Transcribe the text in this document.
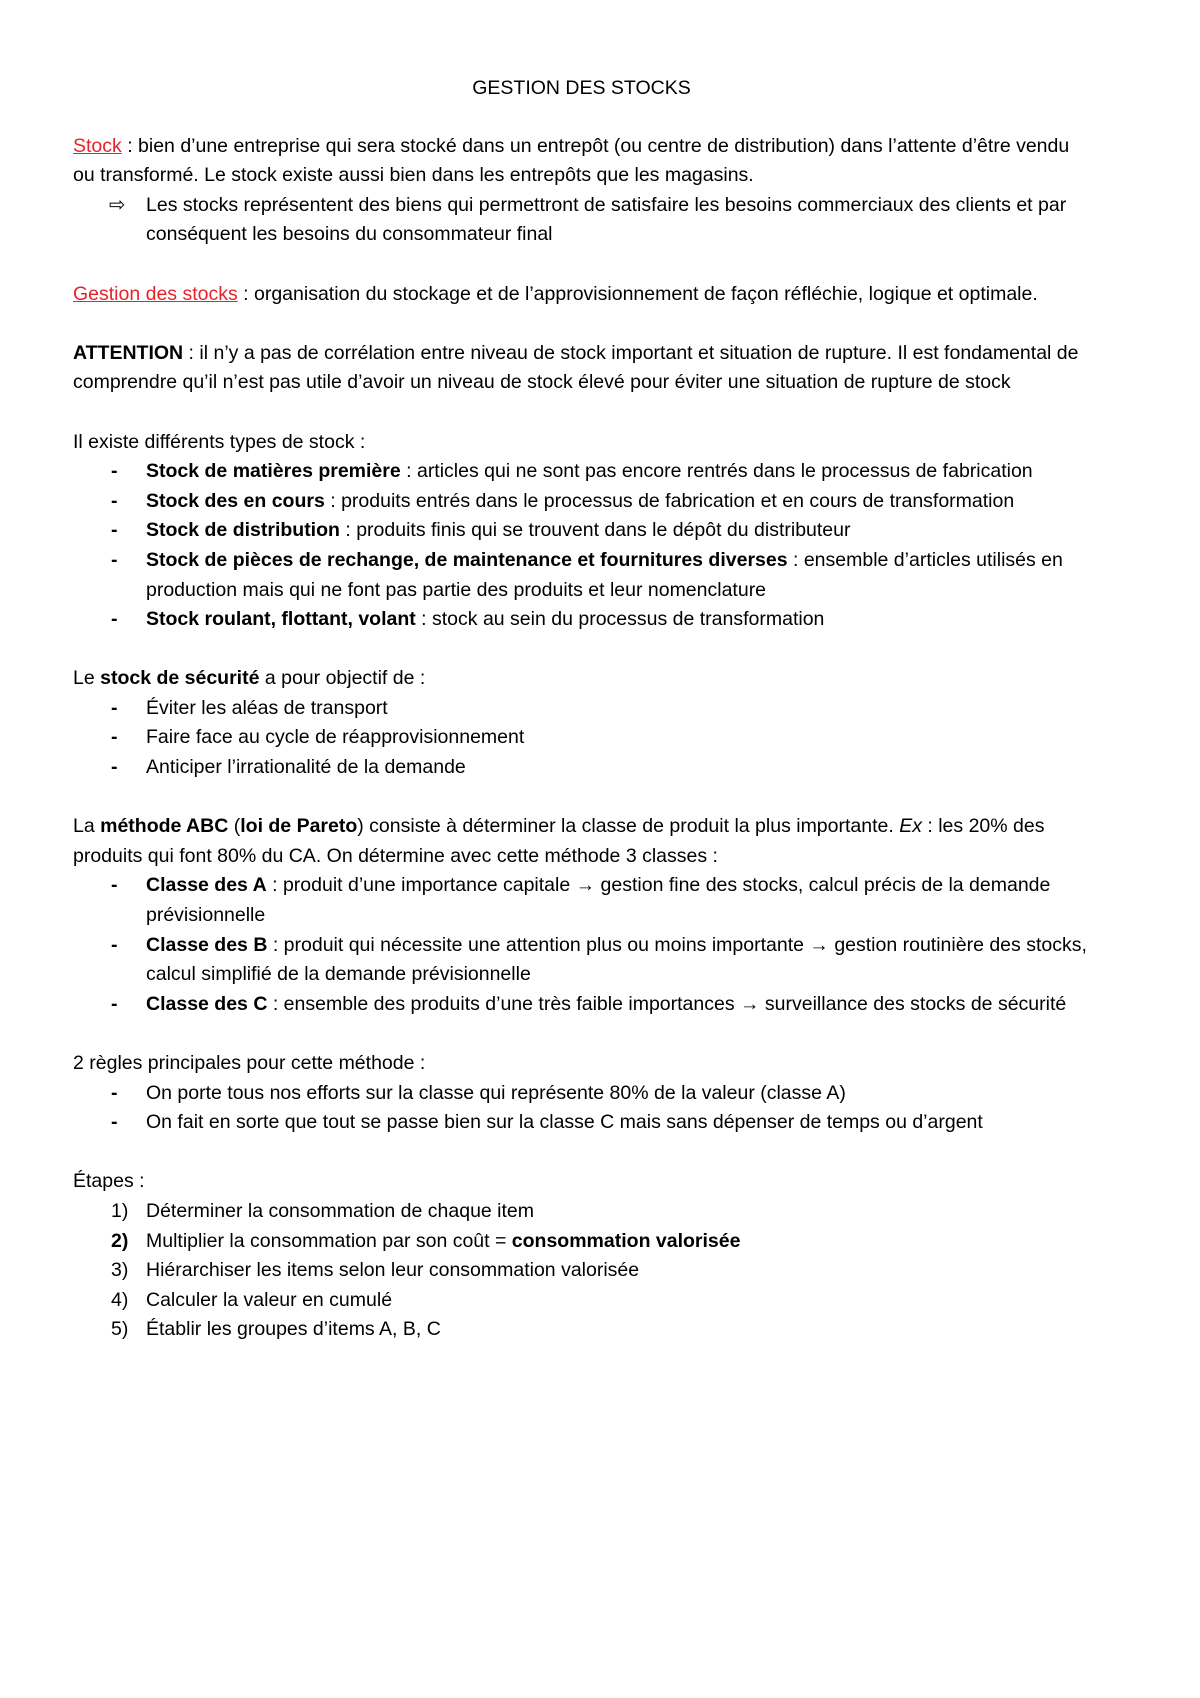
GESTION DES STOCKS

Stock : bien d’une entreprise qui sera stocké dans un entrepôt (ou centre de distribution) dans l’attente d’être vendu ou transformé. Le stock existe aussi bien dans les entrepôts que les magasins.

⇨ Les stocks représentent des biens qui permettront de satisfaire les besoins commerciaux des clients et par conséquent les besoins du consommateur final

Gestion des stocks : organisation du stockage et de l’approvisionnement de façon réfléchie, logique et optimale.

ATTENTION : il n’y a pas de corrélation entre niveau de stock important et situation de rupture. Il est fondamental de comprendre qu’il n’est pas utile d’avoir un niveau de stock élevé pour éviter une situation de rupture de stock

Il existe différents types de stock :

- Stock de matières première : articles qui ne sont pas encore rentrés dans le processus de fabrication
- Stock des en cours : produits entrés dans le processus de fabrication et en cours de transformation
- Stock de distribution : produits finis qui se trouvent dans le dépôt du distributeur
- Stock de pièces de rechange, de maintenance et fournitures diverses : ensemble d’articles utilisés en production mais qui ne font pas partie des produits et leur nomenclature
- Stock roulant, flottant, volant : stock au sein du processus de transformation

Le stock de sécurité a pour objectif de :

- Éviter les aléas de transport
- Faire face au cycle de réapprovisionnement
- Anticiper l’irrationalité de la demande

La méthode ABC (loi de Pareto) consiste à déterminer la classe de produit la plus importante. Ex : les 20% des produits qui font 80% du CA. On détermine avec cette méthode 3 classes :

- Classe des A : produit d’une importance capitale → gestion fine des stocks, calcul précis de la demande prévisionnelle
- Classe des B : produit qui nécessite une attention plus ou moins importante → gestion routinière des stocks, calcul simplifié de la demande prévisionnelle
- Classe des C : ensemble des produits d’une très faible importances → surveillance des stocks de sécurité

2 règles principales pour cette méthode :

- On porte tous nos efforts sur la classe qui représente 80% de la valeur (classe A)
- On fait en sorte que tout se passe bien sur la classe C mais sans dépenser de temps ou d’argent

Étapes :

1) Déterminer la consommation de chaque item
2) Multiplier la consommation par son coût = consommation valorisée
3) Hiérarchiser les items selon leur consommation valorisée
4) Calculer la valeur en cumulé
5) Établir les groupes d’items A, B, C
